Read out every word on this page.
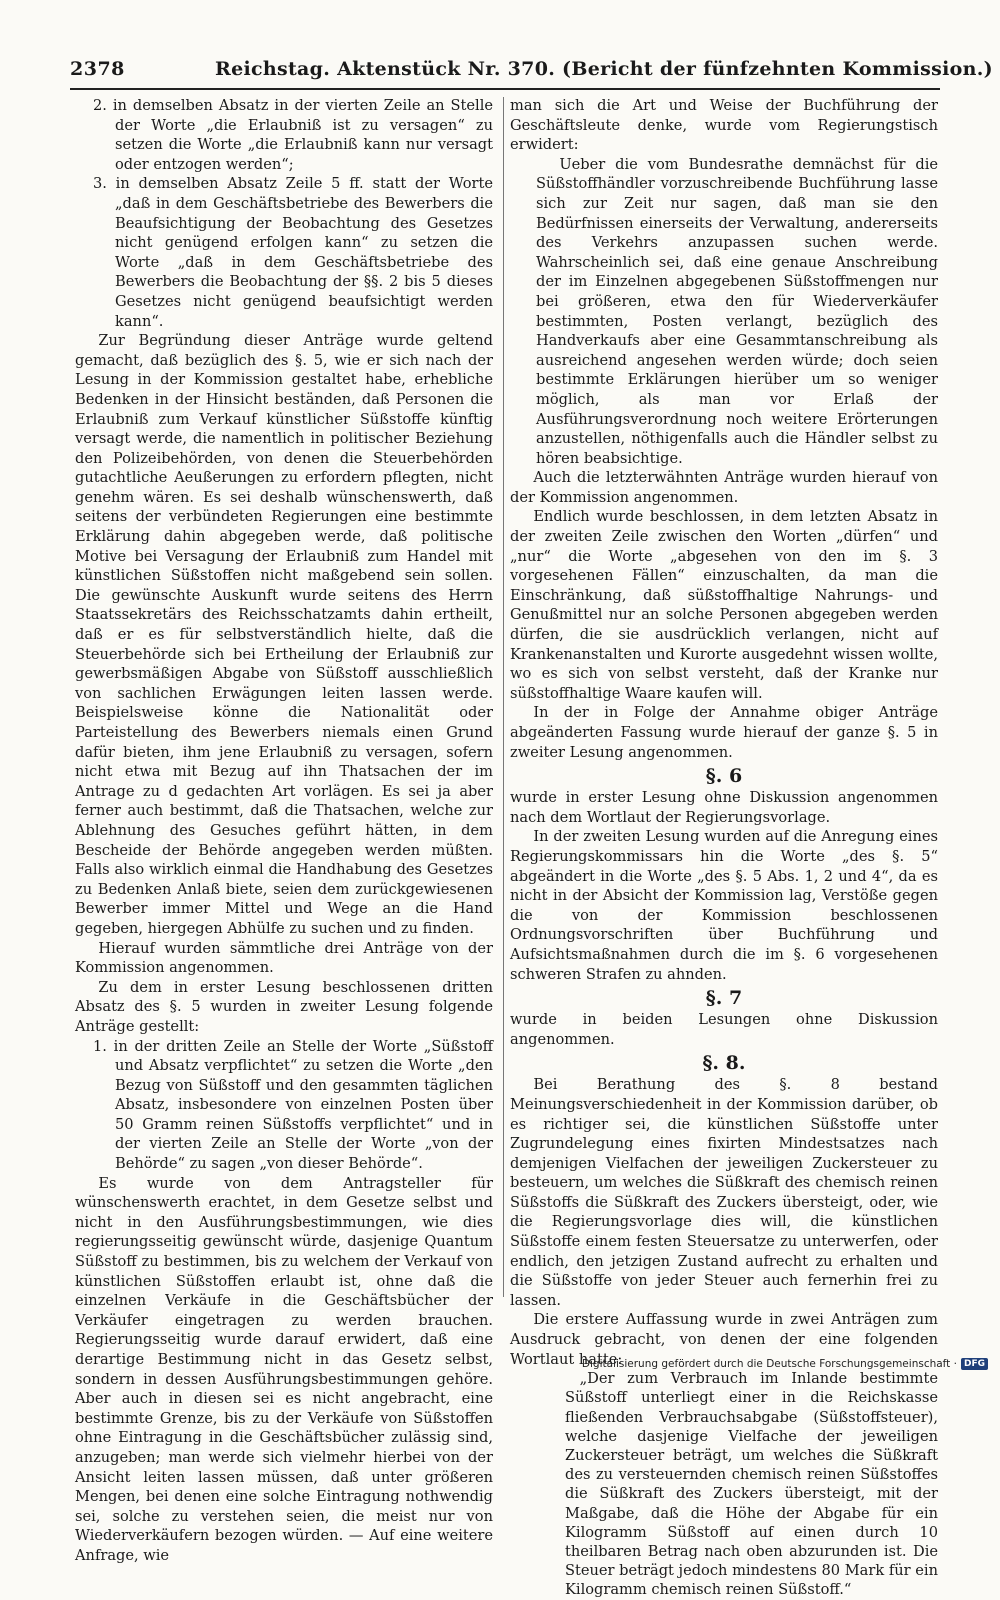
2378	Reichstag. Aktenstück Nr. 370. (Bericht der fünfzehnten Kommission.)

2. in demselben Absatz in der vierten Zeile an Stelle der Worte „die Erlaubniß ist zu versagen“ zu setzen die Worte „die Erlaubniß kann nur versagt oder entzogen werden“;

3. in demselben Absatz Zeile 5 ff. statt der Worte „daß in dem Geschäftsbetriebe des Bewerbers die Beaufsichtigung der Beobachtung des Gesetzes nicht genügend erfolgen kann“ zu setzen die Worte „daß in dem Geschäftsbetriebe des Bewerbers die Beobachtung der §§. 2 bis 5 dieses Gesetzes nicht genügend beaufsichtigt werden kann“.

Zur Begründung dieser Anträge wurde geltend gemacht, daß bezüglich des §. 5, wie er sich nach der Lesung in der Kommission gestaltet habe, erhebliche Bedenken in der Hinsicht beständen, daß Personen die Erlaubniß zum Verkauf künstlicher Süßstoffe künftig versagt werde, die namentlich in politischer Beziehung den Polizeibehörden, von denen die Steuerbehörden gutachtliche Aeußerungen zu erfordern pflegten, nicht genehm wären. Es sei deshalb wünschenswerth, daß seitens der verbündeten Regierungen eine bestimmte Erklärung dahin abgegeben werde, daß politische Motive bei Versagung der Erlaubniß zum Handel mit künstlichen Süßstoffen nicht maßgebend sein sollen. Die gewünschte Auskunft wurde seitens des Herrn Staatssekretärs des Reichsschatzamts dahin ertheilt, daß er es für selbstverständlich hielte, daß die Steuerbehörde sich bei Ertheilung der Erlaubniß zur gewerbsmäßigen Abgabe von Süßstoff ausschließlich von sachlichen Erwägungen leiten lassen werde. Beispielsweise könne die Nationalität oder Parteistellung des Bewerbers niemals einen Grund dafür bieten, ihm jene Erlaubniß zu versagen, sofern nicht etwa mit Bezug auf ihn Thatsachen der im Antrage zu d gedachten Art vorlägen. Es sei ja aber ferner auch bestimmt, daß die Thatsachen, welche zur Ablehnung des Gesuches geführt hätten, in dem Bescheide der Behörde angegeben werden müßten. Falls also wirklich einmal die Handhabung des Gesetzes zu Bedenken Anlaß biete, seien dem zurückgewiesenen Bewerber immer Mittel und Wege an die Hand gegeben, hiergegen Abhülfe zu suchen und zu finden.

Hierauf wurden sämmtliche drei Anträge von der Kommission angenommen.

Zu dem in erster Lesung beschlossenen dritten Absatz des §. 5 wurden in zweiter Lesung folgende Anträge gestellt:

1. in der dritten Zeile an Stelle der Worte „Süßstoff und Absatz verpflichtet“ zu setzen die Worte „den Bezug von Süßstoff und den gesammten täglichen Absatz, insbesondere von einzelnen Posten über 50 Gramm reinen Süßstoffs verpflichtet“ und in der vierten Zeile an Stelle der Worte „von der Behörde“ zu sagen „von dieser Behörde“.

Es wurde von dem Antragsteller für wünschenswerth erachtet, in dem Gesetze selbst und nicht in den Ausführungsbestimmungen, wie dies regierungsseitig gewünscht würde, dasjenige Quantum Süßstoff zu bestimmen, bis zu welchem der Verkauf von künstlichen Süßstoffen erlaubt ist, ohne daß die einzelnen Verkäufe in die Geschäftsbücher der Verkäufer eingetragen zu werden brauchen. Regierungsseitig wurde darauf erwidert, daß eine derartige Bestimmung nicht in das Gesetz selbst, sondern in dessen Ausführungsbestimmungen gehöre. Aber auch in diesen sei es nicht angebracht, eine bestimmte Grenze, bis zu der Verkäufe von Süßstoffen ohne Eintragung in die Geschäftsbücher zulässig sind, anzugeben; man werde sich vielmehr hierbei von der Ansicht leiten lassen müssen, daß unter größeren Mengen, bei denen eine solche Eintragung nothwendig sei, solche zu verstehen seien, die meist nur von Wiederverkäufern bezogen würden. — Auf eine weitere Anfrage, wie

man sich die Art und Weise der Buchführung der Geschäftsleute denke, wurde vom Regierungstisch erwidert:

Ueber die vom Bundesrathe demnächst für die Süßstoffhändler vorzuschreibende Buchführung lasse sich zur Zeit nur sagen, daß man sie den Bedürfnissen einerseits der Verwaltung, andererseits des Verkehrs anzupassen suchen werde. Wahrscheinlich sei, daß eine genaue Anschreibung der im Einzelnen abgegebenen Süßstoffmengen nur bei größeren, etwa den für Wiederverkäufer bestimmten, Posten verlangt, bezüglich des Handverkaufs aber eine Gesammtanschreibung als ausreichend angesehen werden würde; doch seien bestimmte Erklärungen hierüber um so weniger möglich, als man vor Erlaß der Ausführungsverordnung noch weitere Erörterungen anzustellen, nöthigenfalls auch die Händler selbst zu hören beabsichtige.

Auch die letzterwähnten Anträge wurden hierauf von der Kommission angenommen.

Endlich wurde beschlossen, in dem letzten Absatz in der zweiten Zeile zwischen den Worten „dürfen“ und „nur“ die Worte „abgesehen von den im §. 3 vorgesehenen Fällen“ einzuschalten, da man die Einschränkung, daß süßstoffhaltige Nahrungs- und Genußmittel nur an solche Personen abgegeben werden dürfen, die sie ausdrücklich verlangen, nicht auf Krankenanstalten und Kurorte ausgedehnt wissen wollte, wo es sich von selbst versteht, daß der Kranke nur süßstoffhaltige Waare kaufen will.

In der in Folge der Annahme obiger Anträge abgeänderten Fassung wurde hierauf der ganze §. 5 in zweiter Lesung angenommen.

§. 6

wurde in erster Lesung ohne Diskussion angenommen nach dem Wortlaut der Regierungsvorlage.

In der zweiten Lesung wurden auf die Anregung eines Regierungskommissars hin die Worte „des §. 5“ abgeändert in die Worte „des §. 5 Abs. 1, 2 und 4“, da es nicht in der Absicht der Kommission lag, Verstöße gegen die von der Kommission beschlossenen Ordnungsvorschriften über Buchführung und Aufsichtsmaßnahmen durch die im §. 6 vorgesehenen schweren Strafen zu ahnden.

§. 7

wurde in beiden Lesungen ohne Diskussion angenommen.

§. 8.

Bei Berathung des §. 8 bestand Meinungsverschiedenheit in der Kommission darüber, ob es richtiger sei, die künstlichen Süßstoffe unter Zugrundelegung eines fixirten Mindestsatzes nach demjenigen Vielfachen der jeweiligen Zuckersteuer zu besteuern, um welches die Süßkraft des chemisch reinen Süßstoffs die Süßkraft des Zuckers übersteigt, oder, wie die Regierungsvorlage dies will, die künstlichen Süßstoffe einem festen Steuersatze zu unterwerfen, oder endlich, den jetzigen Zustand aufrecht zu erhalten und die Süßstoffe von jeder Steuer auch fernerhin frei zu lassen.

Die erstere Auffassung wurde in zwei Anträgen zum Ausdruck gebracht, von denen der eine folgenden Wortlaut hatte:

„Der zum Verbrauch im Inlande bestimmte Süßstoff unterliegt einer in die Reichskasse fließenden Verbrauchsabgabe (Süßstoffsteuer), welche dasjenige Vielfache der jeweiligen Zuckersteuer beträgt, um welches die Süßkraft des zu versteuernden chemisch reinen Süßstoffes die Süßkraft des Zuckers übersteigt, mit der Maßgabe, daß die Höhe der Abgabe für ein Kilogramm Süßstoff auf einen durch 10 theilbaren Betrag nach oben abzurunden ist. Die Steuer beträgt jedoch mindestens 80 Mark für ein Kilogramm chemisch reinen Süßstoff.“

Digitalisierung gefördert durch die Deutsche Forschungsgemeinschaft · DFG
